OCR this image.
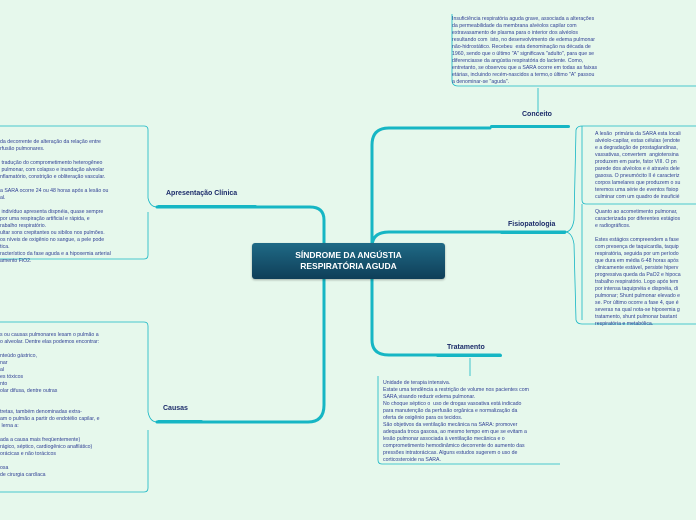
SÍNDROME DA ANGÚSTIA
RESPIRATÓRIA AGUDA
Conceito
Insuficiência respiratória aguda grave, associada a alterações
da permeabilidade da membrana alvéolos capilar com
extravasamento de plasma para o interior dos alvéolos
resultando com  isto, no desenvolvimento de edema pulmonar
não-hidrostático. Recebeu  esta denominação na década de
1960, sendo que o último "A" significava "adulto", para que se
diferenciasse da angústia respiratória do lactente. Como,
entretanto, se observou que a SARA ocorre em todas as faixas
etárias, incluindo recém-nascidos a termo,o último "A" passou
a denominar-se "aguda".
Fisiopatologia
A lesão  primária da SARA esta locali
alvéolo-capilar, estas células (endote
e a degradação de prostaglandinas,
vassativas, convertem  angiotensina
produzem em parte, fator VIII. O pn
parede dos alvéolos e é através dele
gasosa. O pneumócito II é caracteriz
corpos lamelares que produzem o su
teremos uma série de eventos fisiop
culminar com um quadro de insuficié
Quanto ao acometimento pulmonar,
caracterizada por diferentes estágios
e radiográficos.

Estes estágios compreendem a fase
com presença de taquicardia, taquip
respiratória, seguida por um período
que dura em média 6-48 horas após
clinicamente estável, persiste hiperv
progressiva queda da PaO2 e hipoca
trabalho respiratório. Logo após tem
por intensa taquipnéia e dispnéia, di
pulmonar; Shunt pulmonar elevado e
se. Por último ocorre a fase 4, que é
severas na qual nota-se hipoxemia g
tratamento, shunt pulmonar bastant
respiratória e metabólica.
Tratamento
Unidade de terapia intensiva.
Estate uma tendência a restrição de volume nos pacientes com
SARA,visando reduzir edema pulmonar.
No choque séptico o  uso de drogas vasoativa está indicado
para manutenção da perfusão orgânica e normalização da
oferta de oxigênio para os tecidos.
São objetivos da ventilação mecânica na SARA: promover
adequada troca gasosa, ao mesmo tempo em que se evitam a
lesão pulmonar associada à ventilação mecânica e o
comprometimento hemodinâmico decorrente do aumento das
pressões intratorácicas. Alguns estudos sugerem o uso de
corticosteroide na SARA.
Apresentação Clínica
da decorrente de alteração da relação entre
rfusão pulmonares.

tradução do comprometimento heterogêneo
pulmonar, com colapso e inundação alveolar
nflamatório, constrição e obliteração vascular.

a SARA ocorre 24 ou 48 horas após a lesão ou
al.

indivíduo apresenta dispnéia, quase sempre
por uma respiração artificial e rápida, e
rabalho respiratório.
ultar sons crepitantes ou sibilos nos pulmões.
os níveis de oxigênio no sangue, a pele pode
tica.
racterístico da fase aguda e a hipoxemia arterial
amento FiO2.
Causas
s ou causas pulmonares lesam o pulmão a
o alveolar. Dentre elas podemos encontrar:

nteúdo gástrico,
nar
al
es tóxicos
nto
olar difusa, dentre outras

tretas, também denominadas extra-
am o pulmão a partir do endotélio capilar, e
lerna a:

ada a causa mais freqüentemente)
rágico, séptico, cardiogênico anafilático)
orácicas e não torácicos

osa
de cirurgia cardíaca
